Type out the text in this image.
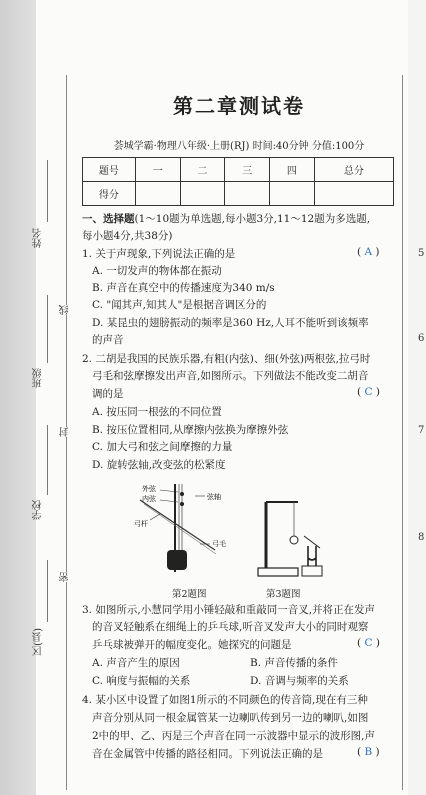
5
6
7
8
姓名
班级
学校
区(县)
线
封
密
第二章测试卷
荟城学霸·物理八年级·上册(RJ) 时间:40分钟 分值:100分
题号	一	二	三	四	总分
得分					
一、选择题(1～10题为单选题,每小题3分,11～12题为多选题,
每小题4分,共38分)
1. 关于声现象,下列说法正确的是	( A )
A. 一切发声的物体都在振动
B. 声音在真空中的传播速度为340 m/s
C. "闻其声,知其人"是根据音调区分的
D. 某昆虫的翅膀振动的频率是360 Hz,人耳不能听到该频率
的声音
2. 二胡是我国的民族乐器,有粗(内弦)、细(外弦)两根弦,拉弓时
弓毛和弦摩擦发出声音,如图所示。下列做法不能改变二胡音
调的是	( C )
A. 按压同一根弦的不同位置
B. 按压位置相同,从摩擦内弦换为摩擦外弦
C. 加大弓和弦之间摩擦的力量
D. 旋转弦轴,改变弦的松紧度
外弦
内弦	弦轴
弓杆
弓毛
第2题图	第3题图
3. 如图所示,小慧同学用小锤轻敲和重敲同一音叉,并将正在发声
的音叉轻触系在细绳上的乒乓球,听音叉发声大小的同时观察
乒乓球被弹开的幅度变化。她探究的问题是	( C )
A. 声音产生的原因	B. 声音传播的条件
C. 响度与振幅的关系	D. 音调与频率的关系
4. 某小区中设置了如图1所示的不同颜色的传音筒,现在有三种
声音分别从同一根金属管某一边喇叭传到另一边的喇叭,如图
2中的甲、乙、丙是三个声音在同一示波器中显示的波形图,声
音在金属管中传播的路径相同。下列说法正确的是	( B )
